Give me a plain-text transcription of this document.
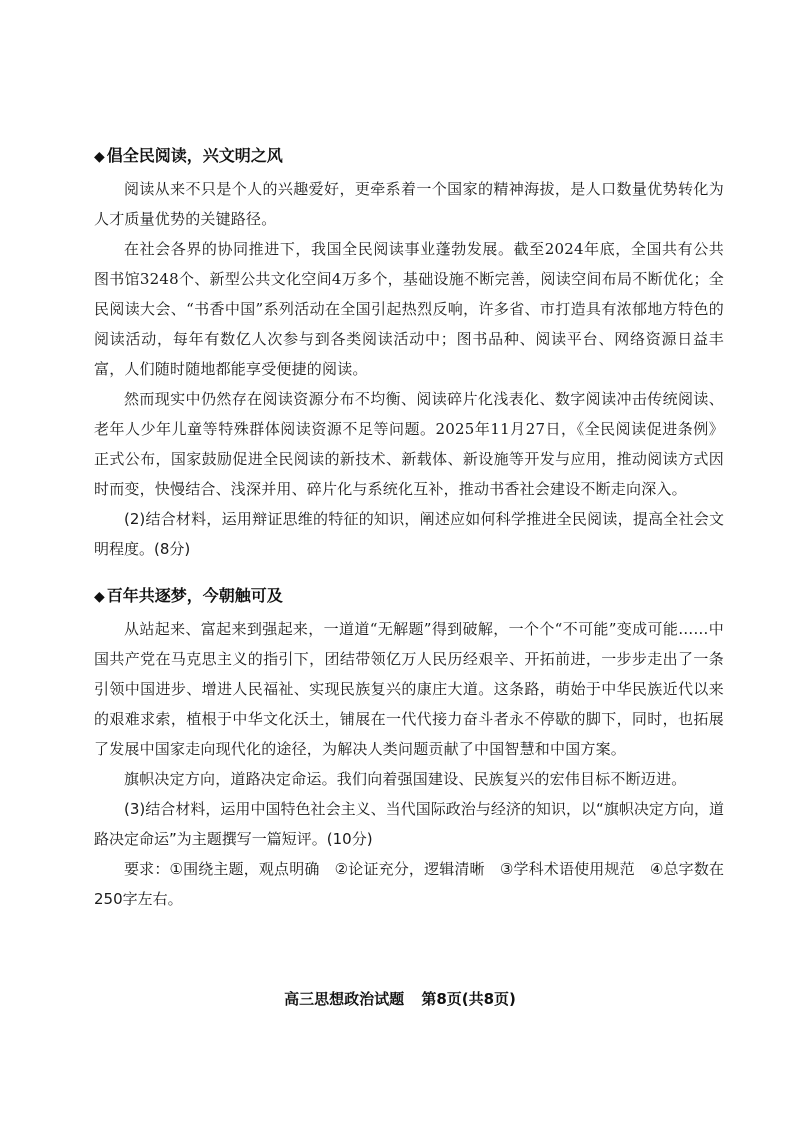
◆ 倡全民阅读，兴文明之风

阅读从来不只是个人的兴趣爱好，更牵系着一个国家的精神海拔，是人口数量优势转化为人才质量优势的关键路径。

在社会各界的协同推进下，我国全民阅读事业蓬勃发展。截至2024年底，全国共有公共图书馆3248个、新型公共文化空间4万多个，基础设施不断完善，阅读空间布局不断优化；全民阅读大会、“书香中国”系列活动在全国引起热烈反响，许多省、市打造具有浓郁地方特色的阅读活动，每年有数亿人次参与到各类阅读活动中；图书品种、阅读平台、网络资源日益丰富，人们随时随地都能享受便捷的阅读。

然而现实中仍然存在阅读资源分布不均衡、阅读碎片化浅表化、数字阅读冲击传统阅读、老年人少年儿童等特殊群体阅读资源不足等问题。2025年11月27日，《全民阅读促进条例》正式公布，国家鼓励促进全民阅读的新技术、新载体、新设施等开发与应用，推动阅读方式因时而变，快慢结合、浅深并用、碎片化与系统化互补，推动书香社会建设不断走向深入。

(2)结合材料，运用辩证思维的特征的知识，阐述应如何科学推进全民阅读，提高全社会文明程度。(8分)

◆ 百年共逐梦，今朝触可及

从站起来、富起来到强起来，一道道“无解题”得到破解，一个个“不可能”变成可能……中国共产党在马克思主义的指引下，团结带领亿万人民历经艰辛、开拓前进，一步步走出了一条引领中国进步、增进人民福祉、实现民族复兴的康庄大道。这条路，萌始于中华民族近代以来的艰难求索，植根于中华文化沃土，铺展在一代代接力奋斗者永不停歇的脚下，同时，也拓展了发展中国家走向现代化的途径，为解决人类问题贡献了中国智慧和中国方案。

旗帜决定方向，道路决定命运。我们向着强国建设、民族复兴的宏伟目标不断迈进。

(3)结合材料，运用中国特色社会主义、当代国际政治与经济的知识，以“旗帜决定方向，道路决定命运”为主题撰写一篇短评。(10分)

要求：①围绕主题，观点明确　②论证充分，逻辑清晰　③学科术语使用规范　④总字数在250字左右。

高三思想政治试题 第8页(共8页)
